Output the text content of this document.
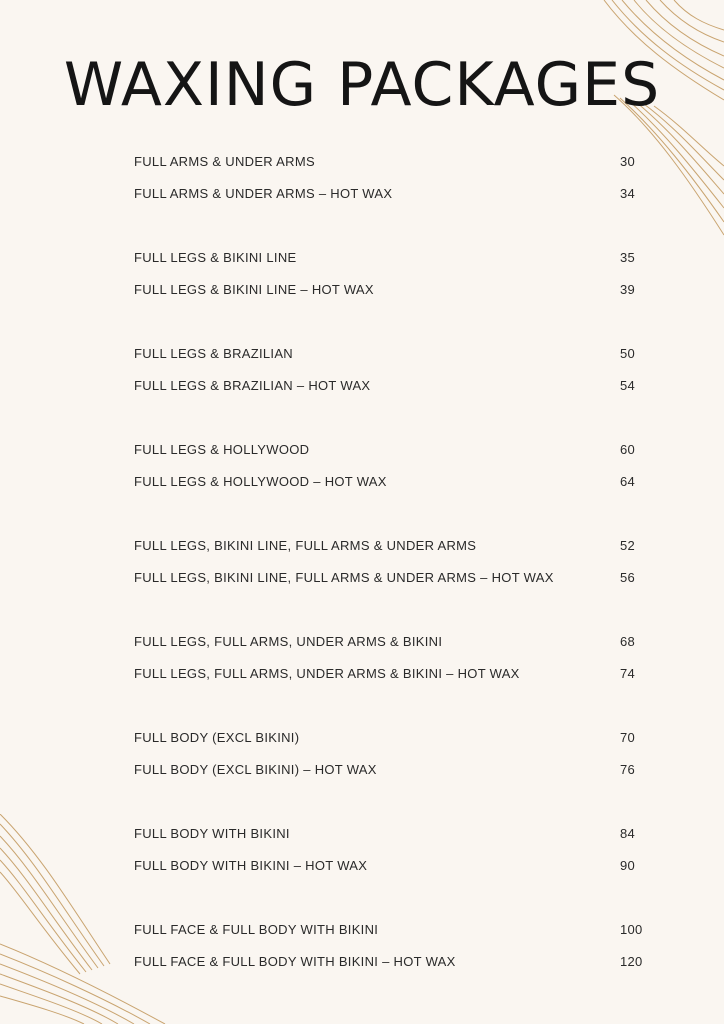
WAXING PACKAGES
FULL ARMS & UNDER ARMS	30
FULL ARMS & UNDER ARMS – HOT WAX	34
FULL LEGS & BIKINI LINE	35
FULL LEGS & BIKINI LINE – HOT WAX	39
FULL LEGS & BRAZILIAN	50
FULL LEGS & BRAZILIAN – HOT WAX	54
FULL LEGS & HOLLYWOOD	60
FULL LEGS & HOLLYWOOD – HOT WAX	64
FULL LEGS, BIKINI LINE, FULL ARMS & UNDER ARMS	52
FULL LEGS, BIKINI LINE, FULL ARMS & UNDER ARMS – HOT WAX	56
FULL LEGS, FULL ARMS, UNDER ARMS & BIKINI	68
FULL LEGS, FULL ARMS, UNDER ARMS & BIKINI – HOT WAX	74
FULL BODY (EXCL BIKINI)	70
FULL BODY (EXCL BIKINI) – HOT WAX	76
FULL BODY WITH BIKINI	84
FULL BODY WITH BIKINI – HOT WAX	90
FULL FACE & FULL BODY WITH BIKINI	100
FULL FACE & FULL BODY WITH BIKINI – HOT WAX	120
